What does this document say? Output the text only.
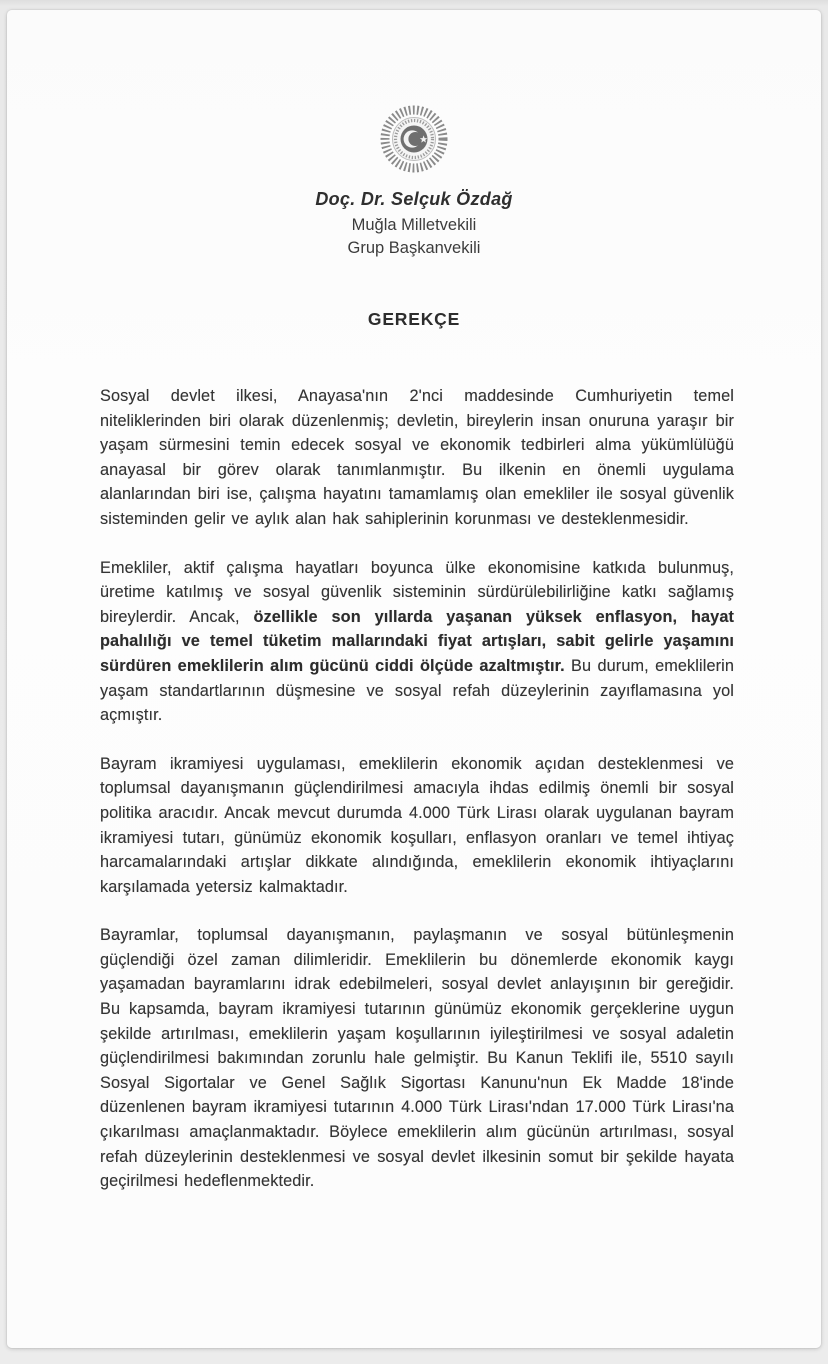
Doç. Dr. Selçuk Özdağ
Muğla Milletvekili
Grup Başkanvekili
GEREKÇE

Sosyal devlet ilkesi, Anayasa'nın 2'nci maddesinde Cumhuriyetin temel niteliklerinden biri olarak düzenlenmiş; devletin, bireylerin insan onuruna yaraşır bir yaşam sürmesini temin edecek sosyal ve ekonomik tedbirleri alma yükümlülüğü anayasal bir görev olarak tanımlanmıştır. Bu ilkenin en önemli uygulama alanlarından biri ise, çalışma hayatını tamamlamış olan emekliler ile sosyal güvenlik sisteminden gelir ve aylık alan hak sahiplerinin korunması ve desteklenmesidir.

Emekliler, aktif çalışma hayatları boyunca ülke ekonomisine katkıda bulunmuş, üretime katılmış ve sosyal güvenlik sisteminin sürdürülebilirliğine katkı sağlamış bireylerdir. Ancak, özellikle son yıllarda yaşanan yüksek enflasyon, hayat pahalılığı ve temel tüketim mallarındaki fiyat artışları, sabit gelirle yaşamını sürdüren emeklilerin alım gücünü ciddi ölçüde azaltmıştır. Bu durum, emeklilerin yaşam standartlarının düşmesine ve sosyal refah düzeylerinin zayıflamasına yol açmıştır.

Bayram ikramiyesi uygulaması, emeklilerin ekonomik açıdan desteklenmesi ve toplumsal dayanışmanın güçlendirilmesi amacıyla ihdas edilmiş önemli bir sosyal politika aracıdır. Ancak mevcut durumda 4.000 Türk Lirası olarak uygulanan bayram ikramiyesi tutarı, günümüz ekonomik koşulları, enflasyon oranları ve temel ihtiyaç harcamalarındaki artışlar dikkate alındığında, emeklilerin ekonomik ihtiyaçlarını karşılamada yetersiz kalmaktadır.

Bayramlar, toplumsal dayanışmanın, paylaşmanın ve sosyal bütünleşmenin güçlendiği özel zaman dilimleridir. Emeklilerin bu dönemlerde ekonomik kaygı yaşamadan bayramlarını idrak edebilmeleri, sosyal devlet anlayışının bir gereğidir. Bu kapsamda, bayram ikramiyesi tutarının günümüz ekonomik gerçeklerine uygun şekilde artırılması, emeklilerin yaşam koşullarının iyileştirilmesi ve sosyal adaletin güçlendirilmesi bakımından zorunlu hale gelmiştir. Bu Kanun Teklifi ile, 5510 sayılı Sosyal Sigortalar ve Genel Sağlık Sigortası Kanunu'nun Ek Madde 18'inde düzenlenen bayram ikramiyesi tutarının 4.000 Türk Lirası'ndan 17.000 Türk Lirası'na çıkarılması amaçlanmaktadır. Böylece emeklilerin alım gücünün artırılması, sosyal refah düzeylerinin desteklenmesi ve sosyal devlet ilkesinin somut bir şekilde hayata geçirilmesi hedeflenmektedir.
